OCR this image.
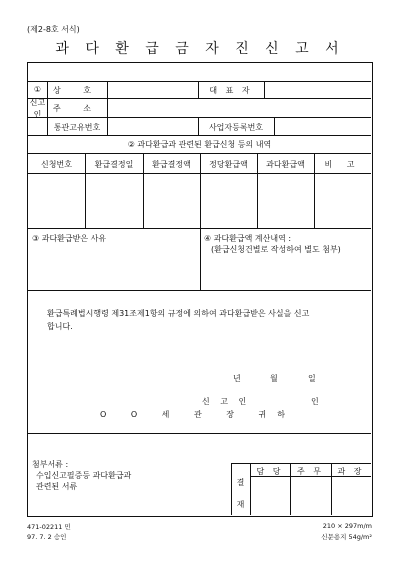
(제2-8호 서식)
과 다 환 급 금 자 진 신 고 서
①
신고
인
상 호	대 표 자
주 소
통관고유번호	사업자등록번호
② 과다환급과 관련된 환급신청 등의 내역
신청번호	환급결정일	환급결정액	정당환급액	과다환급액	비 고
③ 과다환급받은 사유	④ 과다환급액 계산내역 :
(환급신청건별로 작성하여 별도 첨부)
환급특례법시행령 제31조제1항의 규정에 의하여 과다환급받은 사실을 신고
합니다.
년	월	일
신 고 인	인
O O 세 관 장 귀하
첨부서류 :
수입신고필증등 과다환급과
관련된 서류	결
재
담 당	주 무	과 장
471-02211 민
97. 7. 2 승인
210 × 297m/m
신문용지 54g/m²
